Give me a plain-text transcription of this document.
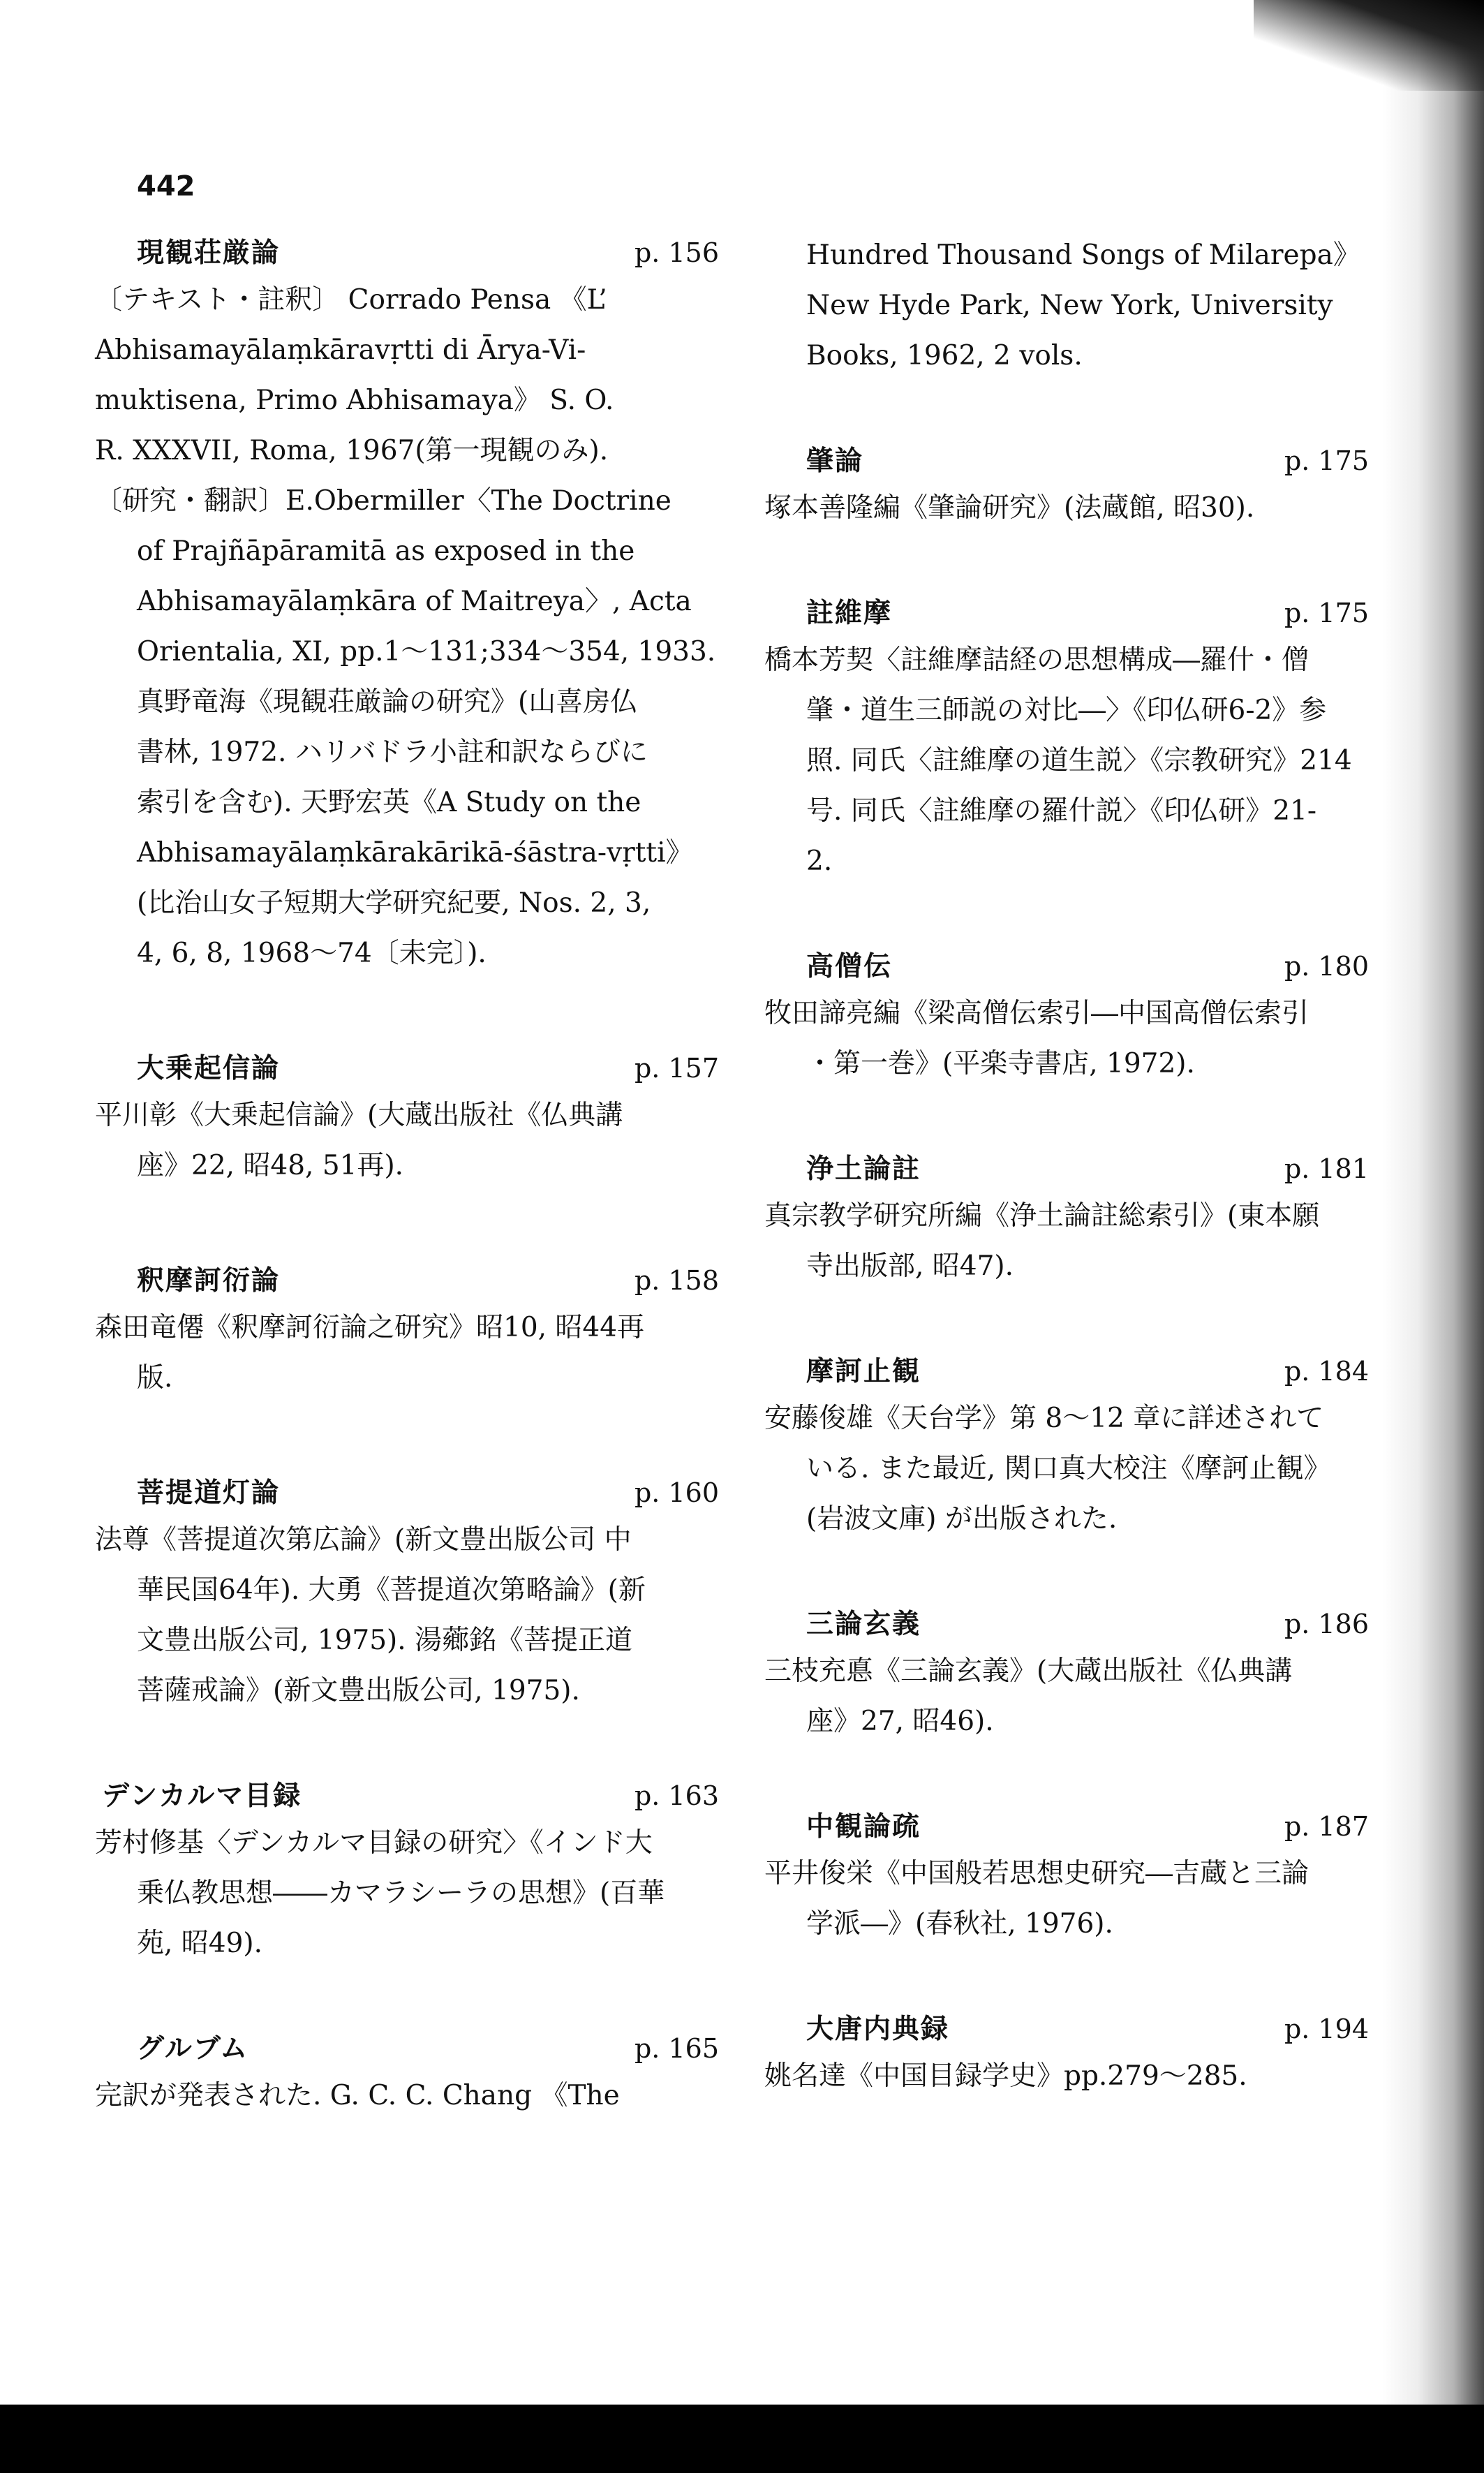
442
現観荘厳論	p. 156
〔テキスト・註釈〕 Corrado Pensa 《L’
Abhisamayālaṃkāravṛtti di Ārya-Vi-
muktisena, Primo Abhisamaya》 S. O.
R. XXXVII, Roma, 1967(第一現観のみ).
〔研究・翻訳〕E.Obermiller〈The Doctrine
of Prajñāpāramitā as exposed in the
Abhisamayālaṃkāra of Maitreya〉, Acta
Orientalia, XI, pp.1〜131;334〜354, 1933.
真野竜海《現観荘厳論の研究》(山喜房仏
書林, 1972. ハリバドラ小註和訳ならびに
索引を含む). 天野宏英《A Study on the
Abhisamayālaṃkārakārikā-śāstra-vṛtti》
(比治山女子短期大学研究紀要, Nos. 2, 3,
4, 6, 8, 1968〜74〔未完〕).
大乗起信論	p. 157
平川彰《大乗起信論》(大蔵出版社《仏典講
座》22, 昭48, 51再).
釈摩訶衍論	p. 158
森田竜僊《釈摩訶衍論之研究》昭10, 昭44再
版.
菩提道灯論	p. 160
法尊《菩提道次第広論》(新文豊出版公司 中
華民国64年). 大勇《菩提道次第略論》(新
文豊出版公司, 1975). 湯薌銘《菩提正道
菩薩戒論》(新文豊出版公司, 1975).
デンカルマ目録	p. 163
芳村修基〈デンカルマ目録の研究〉《インド大
乗仏教思想――カマラシーラの思想》(百華
苑, 昭49).
グルブム	p. 165
完訳が発表された. G. C. C. Chang 《The
Hundred Thousand Songs of Milarepa》
New Hyde Park, New York, University
Books, 1962, 2 vols.
肇論	p. 175
塚本善隆編《肇論研究》(法蔵館, 昭30).
註維摩	p. 175
橋本芳契〈註維摩詰経の思想構成―羅什・僧
肇・道生三師説の対比―〉《印仏研6-2》参
照. 同氏〈註維摩の道生説〉《宗教研究》214
号. 同氏〈註維摩の羅什説〉《印仏研》21-
2.
高僧伝	p. 180
牧田諦亮編《梁高僧伝索引―中国高僧伝索引
・第一巻》(平楽寺書店, 1972).
浄土論註	p. 181
真宗教学研究所編《浄土論註総索引》(東本願
寺出版部, 昭47).
摩訶止観	p. 184
安藤俊雄《天台学》第 8〜12 章に詳述されて
いる. また最近, 関口真大校注《摩訶止観》
(岩波文庫) が出版された.
三論玄義	p. 186
三枝充悳《三論玄義》(大蔵出版社《仏典講
座》27, 昭46).
中観論疏	p. 187
平井俊栄《中国般若思想史研究―吉蔵と三論
学派―》(春秋社, 1976).
大唐内典録	p. 194
姚名達《中国目録学史》pp.279〜285.
